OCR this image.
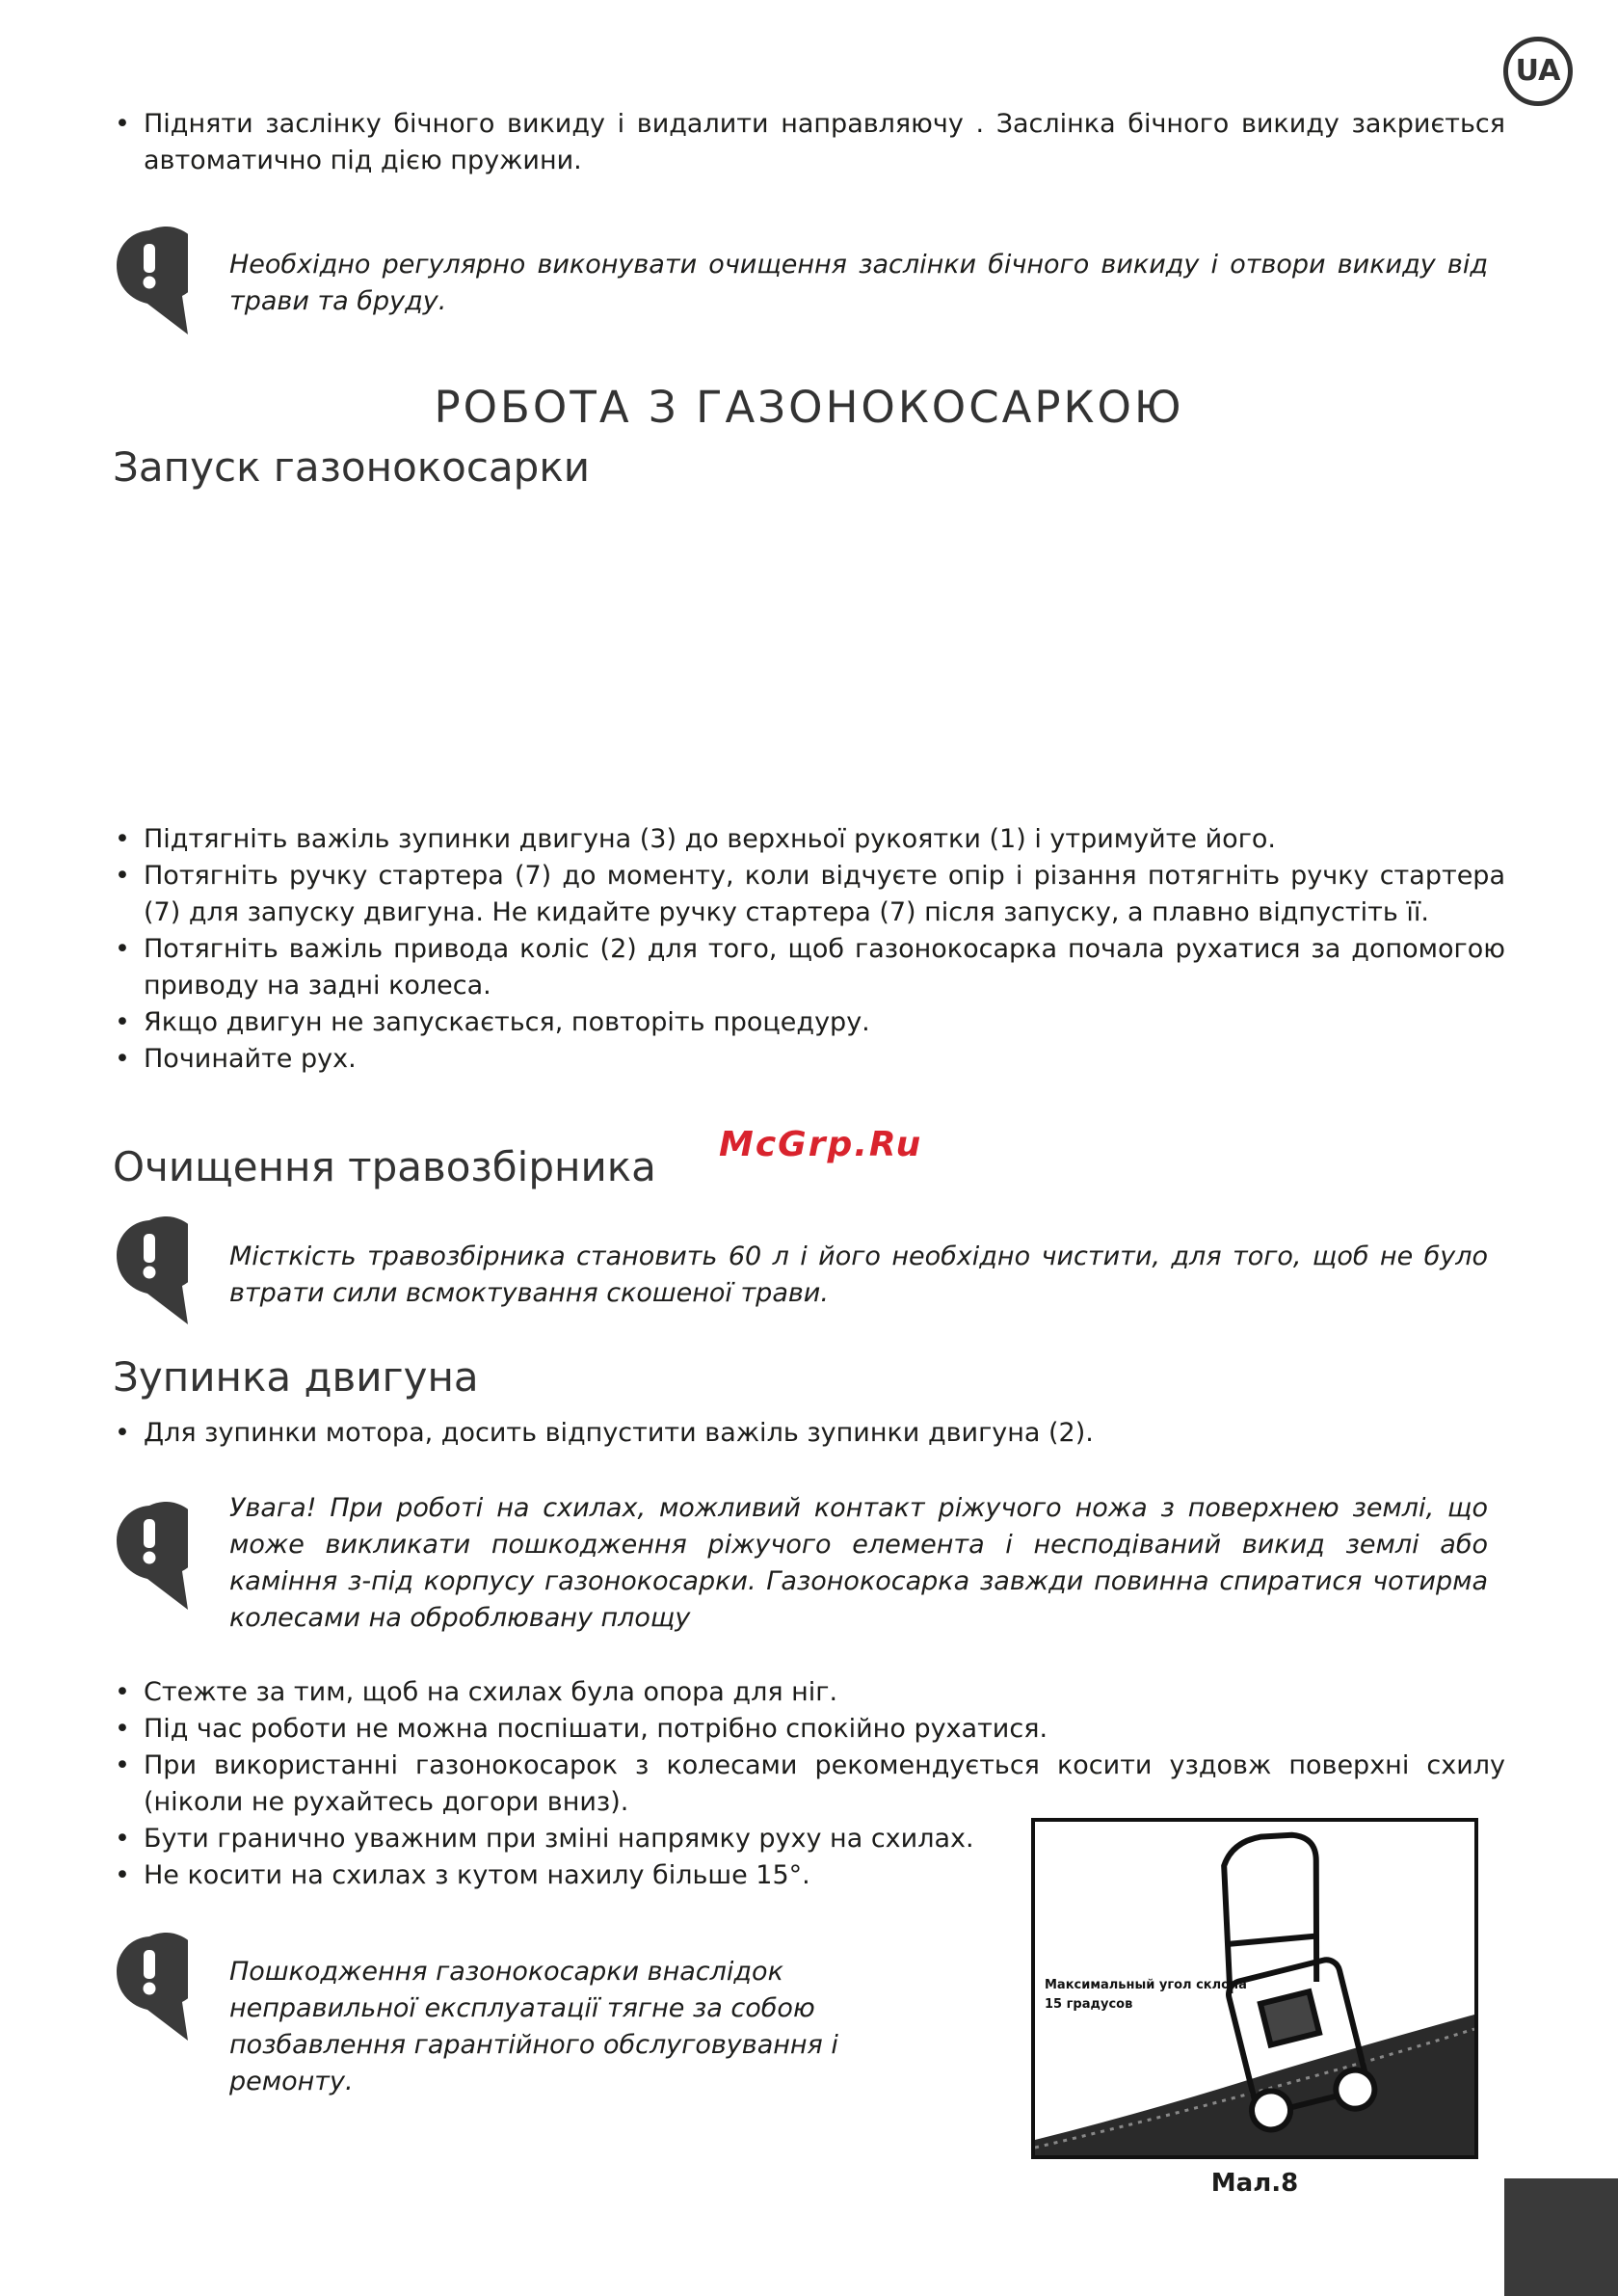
UA
• Підняти заслінку бічного викиду і видалити направляючу . Заслінка бічного викиду закриється автоматично під дією пружини.
Необхідно регулярно виконувати очищення заслінки бічного викиду і отвори викиду від трави та бруду.
РОБОТА З ГАЗОНОКОСАРКОЮ
Запуск газонокосарки
• Підтягніть важіль зупинки двигуна (3) до верхньої рукоятки (1) і утримуйте його.
• Потягніть ручку стартера (7) до моменту, коли відчуєте опір і різання потягніть ручку стартера (7) для запуску двигуна. Не кидайте ручку стартера (7) після запуску, а плавно відпустіть її.
• Потягніть важіль привода коліс (2) для того, щоб газонокосарка почала рухатися за допомогою приводу на задні колеса.
• Якщо двигун не запускається, повторіть процедуру.
• Починайте рух.
Очищення травозбірника McGrp.Ru
Місткість травозбірника становить 60 л і його необхідно чистити, для того, щоб не було втрати сили всмоктування скошеної трави.
Зупинка двигуна
• Для зупинки мотора, досить відпустити важіль зупинки двигуна (2).
Увага! При роботі на схилах, можливий контакт ріжучого ножа з поверхнею землі, що може викликати пошкодження ріжучого елемента і несподіваний викид землі або каміння з-під корпусу газонокосарки. Газонокосарка завжди повинна спиратися чотирма колесами на оброблювану площу
• Стежте за тим, щоб на схилах була опора для ніг.
• Під час роботи не можна поспішати, потрібно спокійно рухатися.
• При використанні газонокосарок з колесами рекомендується косити уздовж поверхні схилу (ніколи не рухайтесь догори вниз).
• Бути гранично уважним при зміні напрямку руху на схилах.
• Не косити на схилах з кутом нахилу більше 15°.
Пошкодження газонокосарки внаслідок неправильної експлуатації тягне за собою позбавлення гарантійного обслуговування і ремонту.
Максимальный угол склона 15 градусов
Мал.8
